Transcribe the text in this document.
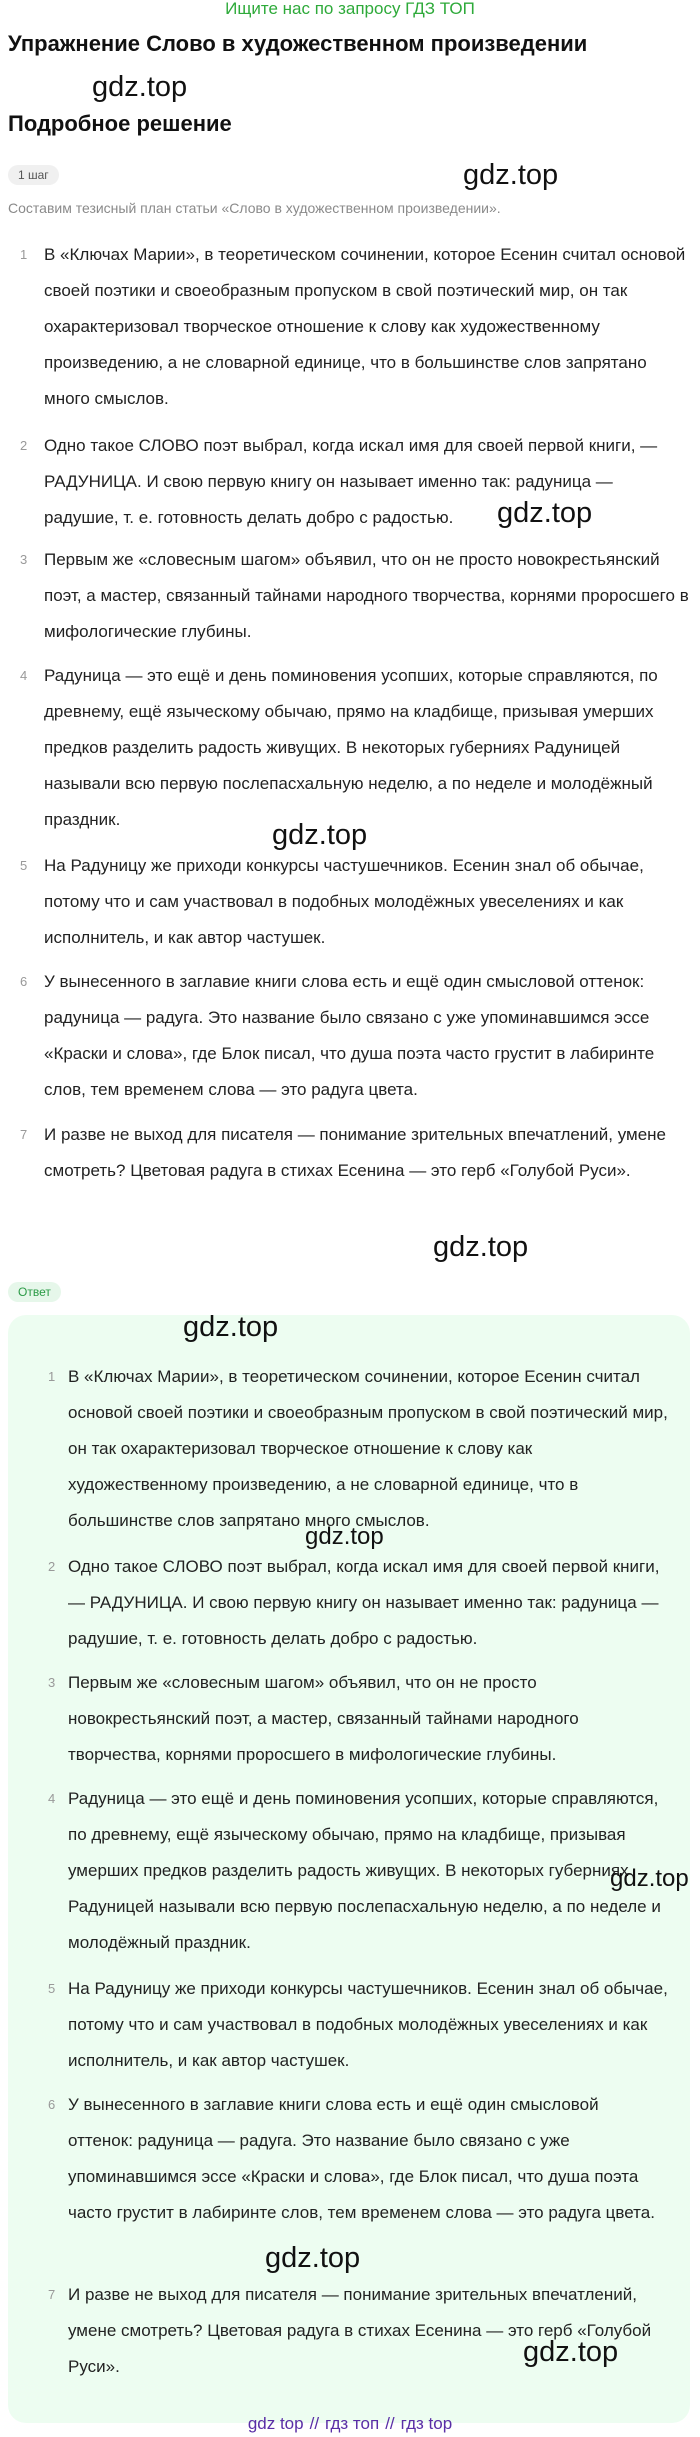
Ищите нас по запросу ГДЗ ТОП
Упражнение Слово в художественном произведении
Подробное решение
1 шаг
Составим тезисный план статьи «Слово в художественном произведении».
1 В «Ключах Марии», в теоретическом сочинении, которое Есенин считал основой своей поэтики и своеобразным пропуском в свой поэтический мир, он так охарактеризовал творческое отношение к слову как художественному произведению, а не словарной единице, что в большинстве слов запрятано много смыслов.
2 Одно такое СЛОВО поэт выбрал, когда искал имя для своей первой книги, — РАДУНИЦА. И свою первую книгу он называет именно так: радуница — радушие, т. е. готовность делать добро с радостью.
3 Первым же «словесным шагом» объявил, что он не просто новокрестьянский поэт, а мастер, связанный тайнами народного творчества, корнями проросшего в мифологические глубины.
4 Радуница — это ещё и день поминовения усопших, которые справляются, по древнему, ещё языческому обычаю, прямо на кладбище, призывая умерших предков разделить радость живущих. В некоторых губерниях Радуницей называли всю первую послепасхальную неделю, а по неделе и молодёжный праздник.
5 На Радуницу же приходи конкурсы частушечников. Есенин знал об обычае, потому что и сам участвовал в подобных молодёжных увеселениях и как исполнитель, и как автор частушек.
6 У вынесенного в заглавие книги слова есть и ещё один смысловой оттенок: радуница — радуга. Это название было связано с уже упоминавшимся эссе «Краски и слова», где Блок писал, что душа поэта часто грустит в лабиринте слов, тем временем слова — это радуга цвета.
7 И разве не выход для писателя — понимание зрительных впечатлений, умене смотреть? Цветовая радуга в стихах Есенина — это герб «Голубой Руси».
Ответ
1 В «Ключах Марии», в теоретическом сочинении, которое Есенин считал основой своей поэтики и своеобразным пропуском в свой поэтический мир, он так охарактеризовал творческое отношение к слову как художественному произведению, а не словарной единице, что в большинстве слов запрятано много смыслов.
2 Одно такое СЛОВО поэт выбрал, когда искал имя для своей первой книги, — РАДУНИЦА. И свою первую книгу он называет именно так: радуница — радушие, т. е. готовность делать добро с радостью.
3 Первым же «словесным шагом» объявил, что он не просто новокрестьянский поэт, а мастер, связанный тайнами народного творчества, корнями проросшего в мифологические глубины.
4 Радуница — это ещё и день поминовения усопших, которые справляются, по древнему, ещё языческому обычаю, прямо на кладбище, призывая умерших предков разделить радость живущих. В некоторых губерниях Радуницей называли всю первую послепасхальную неделю, а по неделе и молодёжный праздник.
5 На Радуницу же приходи конкурсы частушечников. Есенин знал об обычае, потому что и сам участвовал в подобных молодёжных увеселениях и как исполнитель, и как автор частушек.
6 У вынесенного в заглавие книги слова есть и ещё один смысловой оттенок: радуница — радуга. Это название было связано с уже упоминавшимся эссе «Краски и слова», где Блок писал, что душа поэта часто грустит в лабиринте слов, тем временем слова — это радуга цвета.
7 И разве не выход для писателя — понимание зрительных впечатлений, умене смотреть? Цветовая радуга в стихах Есенина — это герб «Голубой Руси».
gdz.top
gdz.top
gdz.top
gdz.top
gdz.top
gdz.top
gdz.top
gdz.top
gdz.top
gdz.top
gdz top // гдз топ // гдз top
